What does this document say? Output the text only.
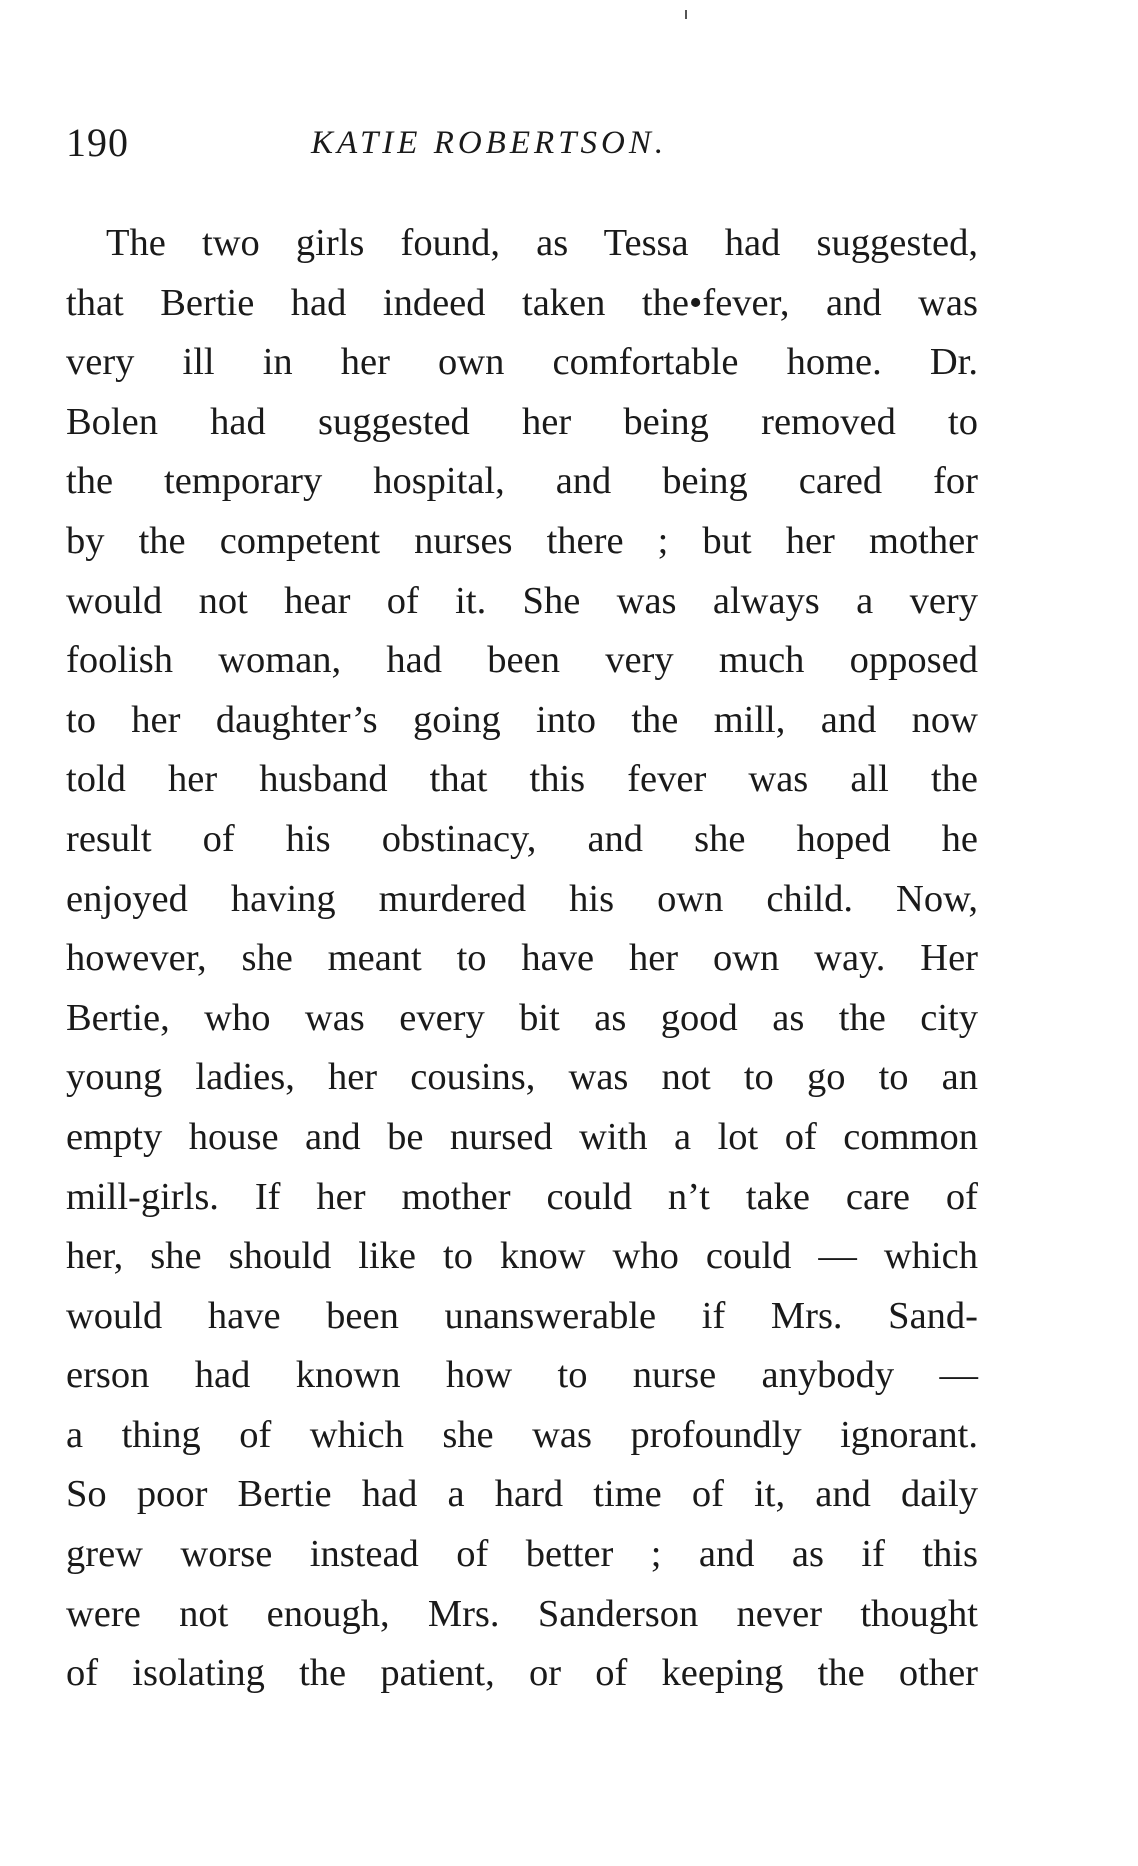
190	KATIE ROBERTSON.
The two girls found, as Tessa had suggested,
that Bertie had indeed taken the•fever, and was
very ill in her own comfortable home. Dr.
Bolen had suggested her being removed to
the temporary hospital, and being cared for
by the competent nurses there ; but her mother
would not hear of it. She was always a very
foolish woman, had been very much opposed
to her daughter’s going into the mill, and now
told her husband that this fever was all the
result of his obstinacy, and she hoped he
enjoyed having murdered his own child. Now,
however, she meant to have her own way. Her
Bertie, who was every bit as good as the city
young ladies, her cousins, was not to go to an
empty house and be nursed with a lot of common
mill-girls. If her mother could n’t take care of
her, she should like to know who could — which
would have been unanswerable if Mrs. Sand-
erson had known how to nurse anybody —
a thing of which she was profoundly ignorant.
So poor Bertie had a hard time of it, and daily
grew worse instead of better ; and as if this
were not enough, Mrs. Sanderson never thought
of isolating the patient, or of keeping the other
